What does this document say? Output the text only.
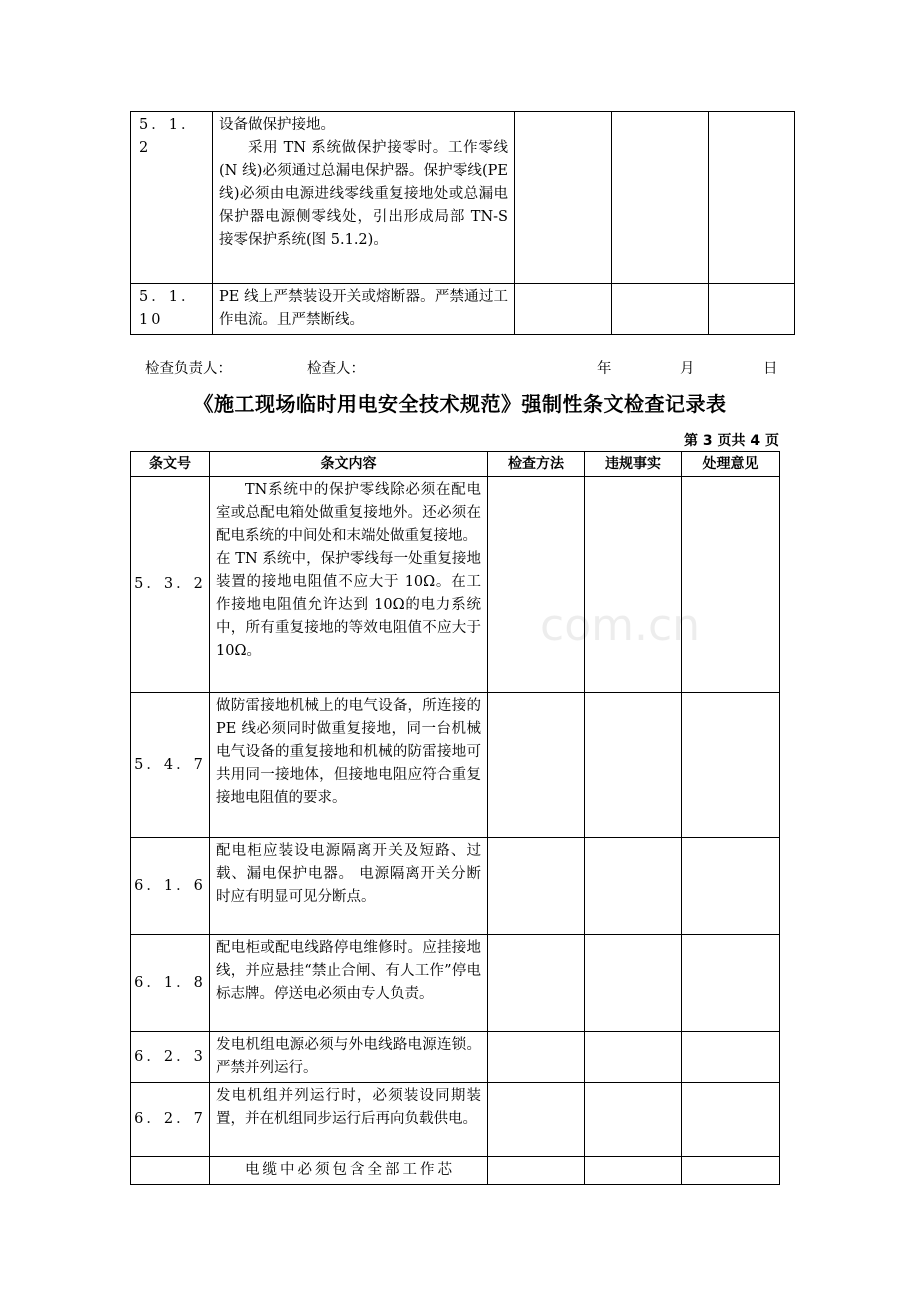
5．1．2	设备做保护接地。
采用 TN 系统做保护接零时。工作零线(N 线)必须通过总漏电保护器。保护零线(PE 线)必须由电源进线零线重复接地处或总漏电保护器电源侧零线处，引出形成局部 TN-S 接零保护系统(图 5.1.2)。			

5．1．10	PE 线上严禁装设开关或熔断器。严禁通过工作电流。且严禁断线。			

检查负责人：	检查人：	年	月	日
《施工现场临时用电安全技术规范》强制性条文检查记录表
第 3 页共 4 页
条文号	条文内容	检查方法	违规事实	处理意见
5．3．2	TN系统中的保护零线除必须在配电室或总配电箱处做重复接地外。还必须在配电系统的中间处和末端处做重复接地。
在 TN 系统中，保护零线每一处重复接地装置的接地电阻值不应大于 10Ω。在工作接地电阻值允许达到 10Ω的电力系统中，所有重复接地的等效电阻值不应大于 10Ω。			

5．4．7	做防雷接地机械上的电气设备，所连接的 PE 线必须同时做重复接地，同一台机械电气设备的重复接地和机械的防雷接地可共用同一接地体，但接地电阻应符合重复接地电阻值的要求。			

6．1．6	配电柜应装设电源隔离开关及短路、过载、漏电保护电器。 电源隔离开关分断时应有明显可见分断点。			

6．1．8	配电柜或配电线路停电维修时。应挂接地线，并应悬挂“禁止合闸、有人工作”停电标志牌。停送电必须由专人负责。			

6．2．3	发电机组电源必须与外电线路电源连锁。严禁并列运行。			

6．2．7	发电机组并列运行时，必须装设同期装置，并在机组同步运行后再向负载供电。			

	电缆中必须包含全部工作芯			

com.cn
